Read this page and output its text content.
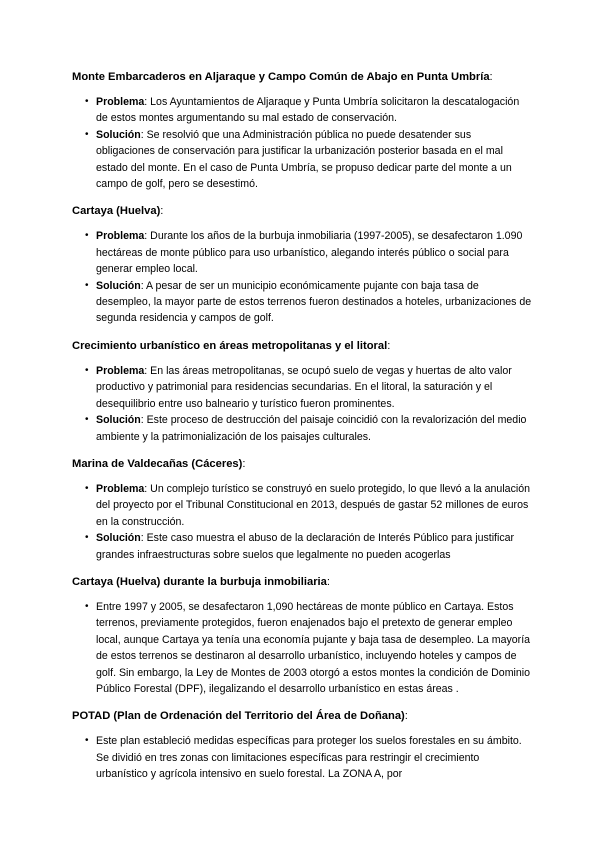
Monte Embarcaderos en Aljaraque y Campo Común de Abajo en Punta Umbría:

• Problema: Los Ayuntamientos de Aljaraque y Punta Umbría solicitaron la descatalogación de estos montes argumentando su mal estado de conservación.
• Solución: Se resolvió que una Administración pública no puede desatender sus obligaciones de conservación para justificar la urbanización posterior basada en el mal estado del monte. En el caso de Punta Umbría, se propuso dedicar parte del monte a un campo de golf, pero se desestimó.

Cartaya (Huelva):

• Problema: Durante los años de la burbuja inmobiliaria (1997-2005), se desafectaron 1.090 hectáreas de monte público para uso urbanístico, alegando interés público o social para generar empleo local.
• Solución: A pesar de ser un municipio económicamente pujante con baja tasa de desempleo, la mayor parte de estos terrenos fueron destinados a hoteles, urbanizaciones de segunda residencia y campos de golf.

Crecimiento urbanístico en áreas metropolitanas y el litoral:

• Problema: En las áreas metropolitanas, se ocupó suelo de vegas y huertas de alto valor productivo y patrimonial para residencias secundarias. En el litoral, la saturación y el desequilibrio entre uso balneario y turístico fueron prominentes.
• Solución: Este proceso de destrucción del paisaje coincidió con la revalorización del medio ambiente y la patrimonialización de los paisajes culturales.

Marina de Valdecañas (Cáceres):

• Problema: Un complejo turístico se construyó en suelo protegido, lo que llevó a la anulación del proyecto por el Tribunal Constitucional en 2013, después de gastar 52 millones de euros en la construcción.
• Solución: Este caso muestra el abuso de la declaración de Interés Público para justificar grandes infraestructuras sobre suelos que legalmente no pueden acogerlas

Cartaya (Huelva) durante la burbuja inmobiliaria:

• Entre 1997 y 2005, se desafectaron 1,090 hectáreas de monte público en Cartaya. Estos terrenos, previamente protegidos, fueron enajenados bajo el pretexto de generar empleo local, aunque Cartaya ya tenía una economía pujante y baja tasa de desempleo. La mayoría de estos terrenos se destinaron al desarrollo urbanístico, incluyendo hoteles y campos de golf. Sin embargo, la Ley de Montes de 2003 otorgó a estos montes la condición de Dominio Público Forestal (DPF), ilegalizando el desarrollo urbanístico en estas áreas .

POTAD (Plan de Ordenación del Territorio del Área de Doñana):

• Este plan estableció medidas específicas para proteger los suelos forestales en su ámbito. Se dividió en tres zonas con limitaciones específicas para restringir el crecimiento urbanístico y agrícola intensivo en suelo forestal. La ZONA A, por
